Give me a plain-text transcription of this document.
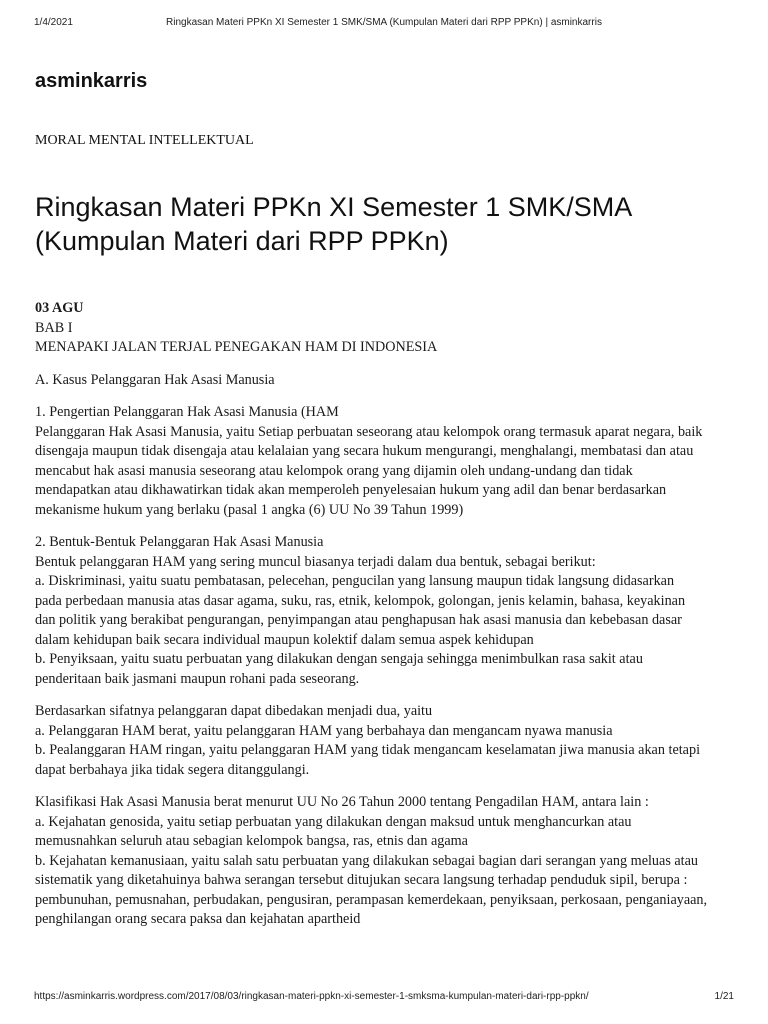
1/4/2021	Ringkasan Materi PPKn XI Semester 1 SMK/SMA (Kumpulan Materi dari RPP PPKn) | asminkarris
asminkarris

MORAL MENTAL INTELLEKTUAL

Ringkasan Materi PPKn XI Semester 1 SMK/SMA (Kumpulan Materi dari RPP PPKn)

03 AGU
BAB I
MENAPAKI JALAN TERJAL PENEGAKAN HAM DI INDONESIA

A. Kasus Pelanggaran Hak Asasi Manusia

1. Pengertian Pelanggaran Hak Asasi Manusia (HAM
Pelanggaran Hak Asasi Manusia, yaitu Setiap perbuatan seseorang atau kelompok orang termasuk aparat negara, baik
disengaja maupun tidak disengaja atau kelalaian yang secara hukum mengurangi, menghalangi, membatasi dan atau
mencabut hak asasi manusia seseorang atau kelompok orang yang dijamin oleh undang-undang dan tidak
mendapatkan atau dikhawatirkan tidak akan memperoleh penyelesaian hukum yang adil dan benar berdasarkan
mekanisme hukum yang berlaku (pasal 1 angka (6) UU No 39 Tahun 1999)

2. Bentuk-Bentuk Pelanggaran Hak Asasi Manusia
Bentuk pelanggaran HAM yang sering muncul biasanya terjadi dalam dua bentuk, sebagai berikut:
a. Diskriminasi, yaitu suatu pembatasan, pelecehan, pengucilan yang lansung maupun tidak langsung didasarkan
pada perbedaan manusia atas dasar agama, suku, ras, etnik, kelompok, golongan, jenis kelamin, bahasa, keyakinan
dan politik yang berakibat pengurangan, penyimpangan atau penghapusan hak asasi manusia dan kebebasan dasar
dalam kehidupan baik secara individual maupun kolektif dalam semua aspek kehidupan
b. Penyiksaan, yaitu suatu perbuatan yang dilakukan dengan sengaja sehingga menimbulkan rasa sakit atau
penderitaan baik jasmani maupun rohani pada seseorang.

Berdasarkan sifatnya pelanggaran dapat dibedakan menjadi dua, yaitu
a. Pelanggaran HAM berat, yaitu pelanggaran HAM yang berbahaya dan mengancam nyawa manusia
b. Pealanggaran HAM ringan, yaitu pelanggaran HAM yang tidak mengancam keselamatan jiwa manusia akan tetapi
dapat berbahaya jika tidak segera ditanggulangi.

Klasifikasi Hak Asasi Manusia berat menurut UU No 26 Tahun 2000 tentang Pengadilan HAM, antara lain :
a. Kejahatan genosida, yaitu setiap perbuatan yang dilakukan dengan maksud untuk menghancurkan atau
memusnahkan seluruh atau sebagian kelompok bangsa, ras, etnis dan agama
b. Kejahatan kemanusiaan, yaitu salah satu perbuatan yang dilakukan sebagai bagian dari serangan yang meluas atau
sistematik yang diketahuinya bahwa serangan tersebut ditujukan secara langsung terhadap penduduk sipil, berupa :
pembunuhan, pemusnahan, perbudakan, pengusiran, perampasan kemerdekaan, penyiksaan, perkosaan, penganiayaan,
penghilangan orang secara paksa dan kejahatan apartheid

https://asminkarris.wordpress.com/2017/08/03/ringkasan-materi-ppkn-xi-semester-1-smksma-kumpulan-materi-dari-rpp-ppkn/	1/21
